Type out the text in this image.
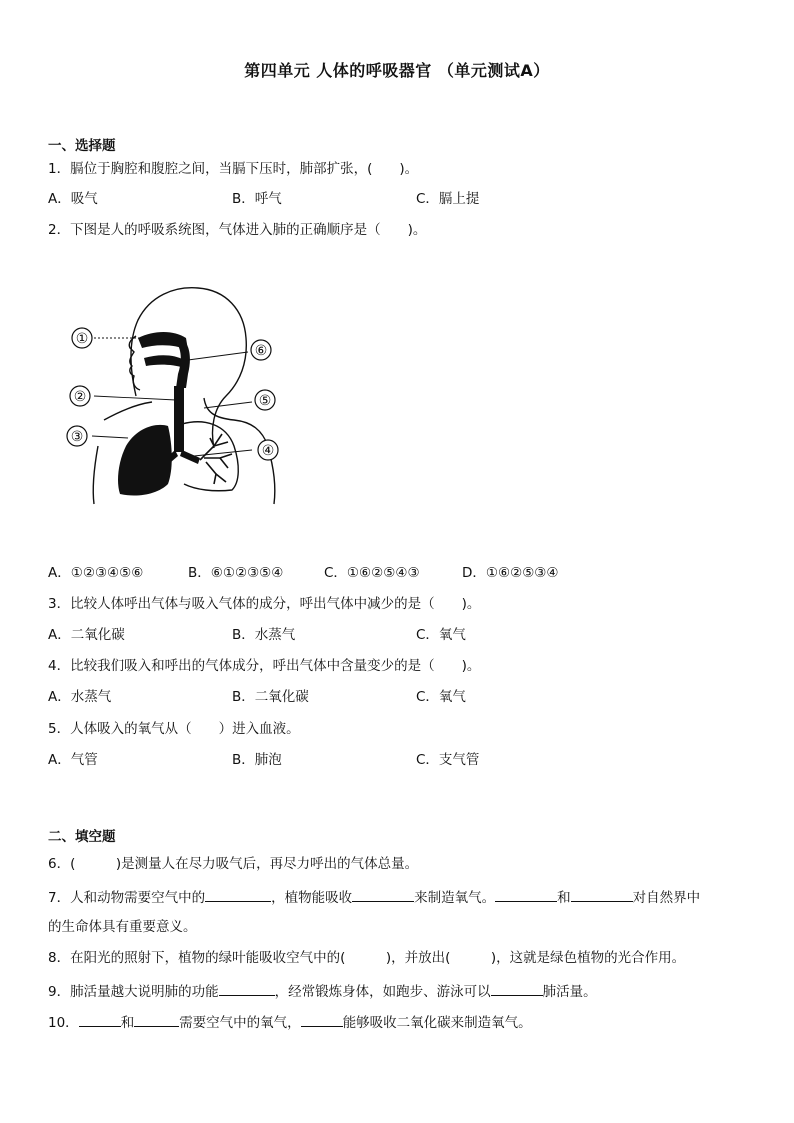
第四单元 人体的呼吸器官 （单元测试A）
一、选择题
1．膈位于胸腔和腹腔之间，当膈下压时，肺部扩张，(　　)。
A．吸气	B．呼气	C．膈上提
2．下图是人的呼吸系统图，气体进入肺的正确顺序是（　　)。
①
⑥
②	⑤
③
④
A．①②③④⑤⑥	B．⑥①②③⑤④	C．①⑥②⑤④③	D．①⑥②⑤③④
3．比较人体呼出气体与吸入气体的成分，呼出气体中减少的是（　　)。
A．二氧化碳	B．水蒸气	C．氧气
4．比较我们吸入和呼出的气体成分，呼出气体中含量变少的是（　　)。
A．水蒸气	B．二氧化碳	C．氧气
5．人体吸入的氧气从（　　）进入血液。
A．气管	B．肺泡	C．支气管
二、填空题
6．(　　　)是测量人在尽力吸气后，再尽力呼出的气体总量。
7．人和动物需要空气中的	，植物能吸收	来制造氧气。	和	对自然界中
的生命体具有重要意义。
8．在阳光的照射下，植物的绿叶能吸收空气中的(　　　)，并放出(　　　)，这就是绿色植物的光合作用。
9．肺活量越大说明肺的功能	，经常锻炼身体，如跑步、游泳可以	肺活量。
10．	和	需要空气中的氧气，	能够吸收二氧化碳来制造氧气。
